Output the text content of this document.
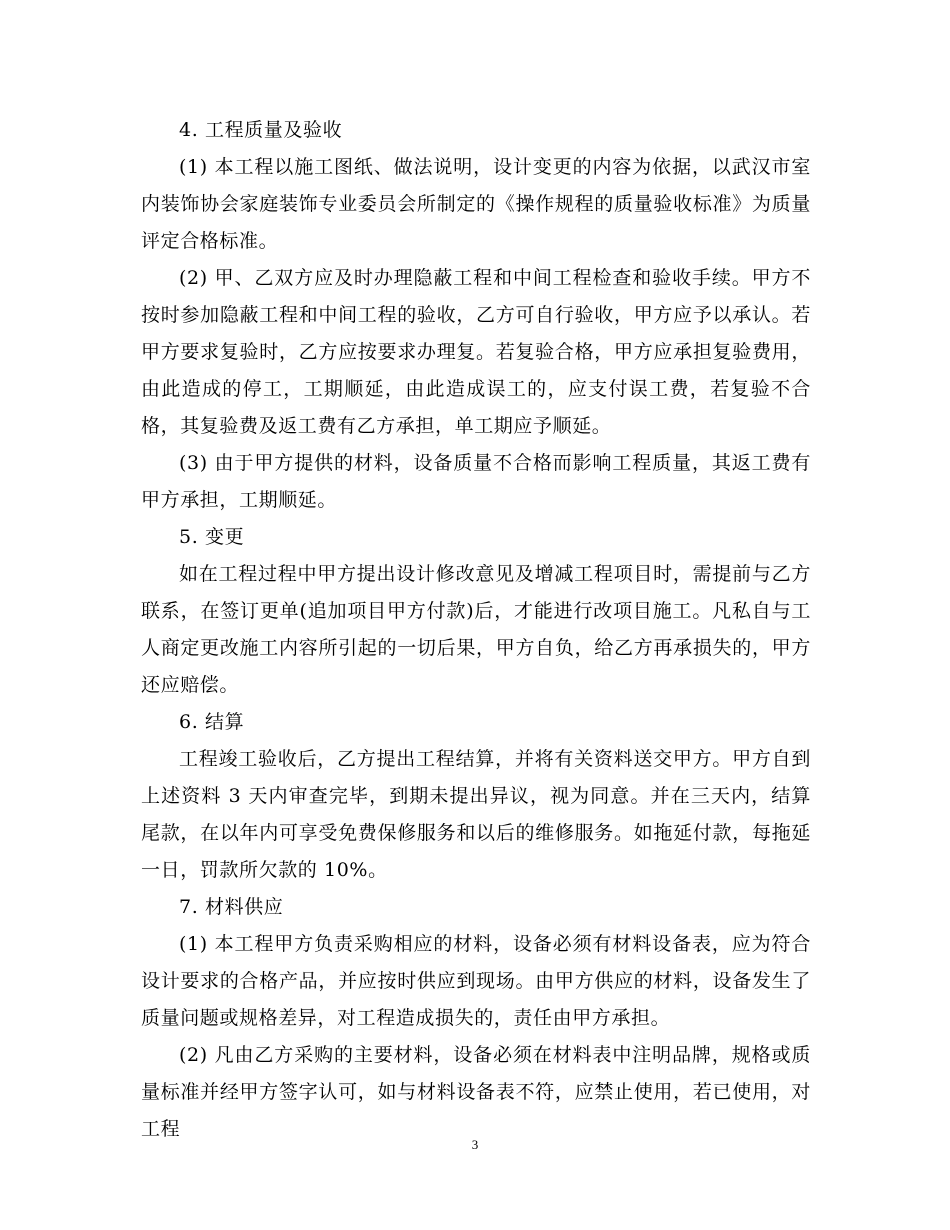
4. 工程质量及验收

(1) 本工程以施工图纸、做法说明，设计变更的内容为依据，以武汉市室内装饰协会家庭装饰专业委员会所制定的《操作规程的质量验收标准》为质量评定合格标准。

(2) 甲、乙双方应及时办理隐蔽工程和中间工程检查和验收手续。甲方不按时参加隐蔽工程和中间工程的验收，乙方可自行验收，甲方应予以承认。若甲方要求复验时，乙方应按要求办理复。若复验合格，甲方应承担复验费用，由此造成的停工，工期顺延，由此造成误工的，应支付误工费，若复验不合格，其复验费及返工费有乙方承担，单工期应予顺延。

(3) 由于甲方提供的材料，设备质量不合格而影响工程质量，其返工费有甲方承担，工期顺延。

5. 变更

如在工程过程中甲方提出设计修改意见及增减工程项目时，需提前与乙方联系，在签订更单(追加项目甲方付款)后，才能进行改项目施工。凡私自与工人商定更改施工内容所引起的一切后果，甲方自负，给乙方再承损失的，甲方还应赔偿。

6. 结算

工程竣工验收后，乙方提出工程结算，并将有关资料送交甲方。甲方自到上述资料 3 天内审查完毕，到期未提出异议，视为同意。并在三天内，结算尾款，在以年内可享受免费保修服务和以后的维修服务。如拖延付款，每拖延一日，罚款所欠款的 10%。

7. 材料供应

(1) 本工程甲方负责采购相应的材料，设备必须有材料设备表，应为符合设计要求的合格产品，并应按时供应到现场。由甲方供应的材料，设备发生了质量问题或规格差异，对工程造成损失的，责任由甲方承担。

(2) 凡由乙方采购的主要材料，设备必须在材料表中注明品牌，规格或质量标准并经甲方签字认可，如与材料设备表不符，应禁止使用，若已使用，对工程

3
